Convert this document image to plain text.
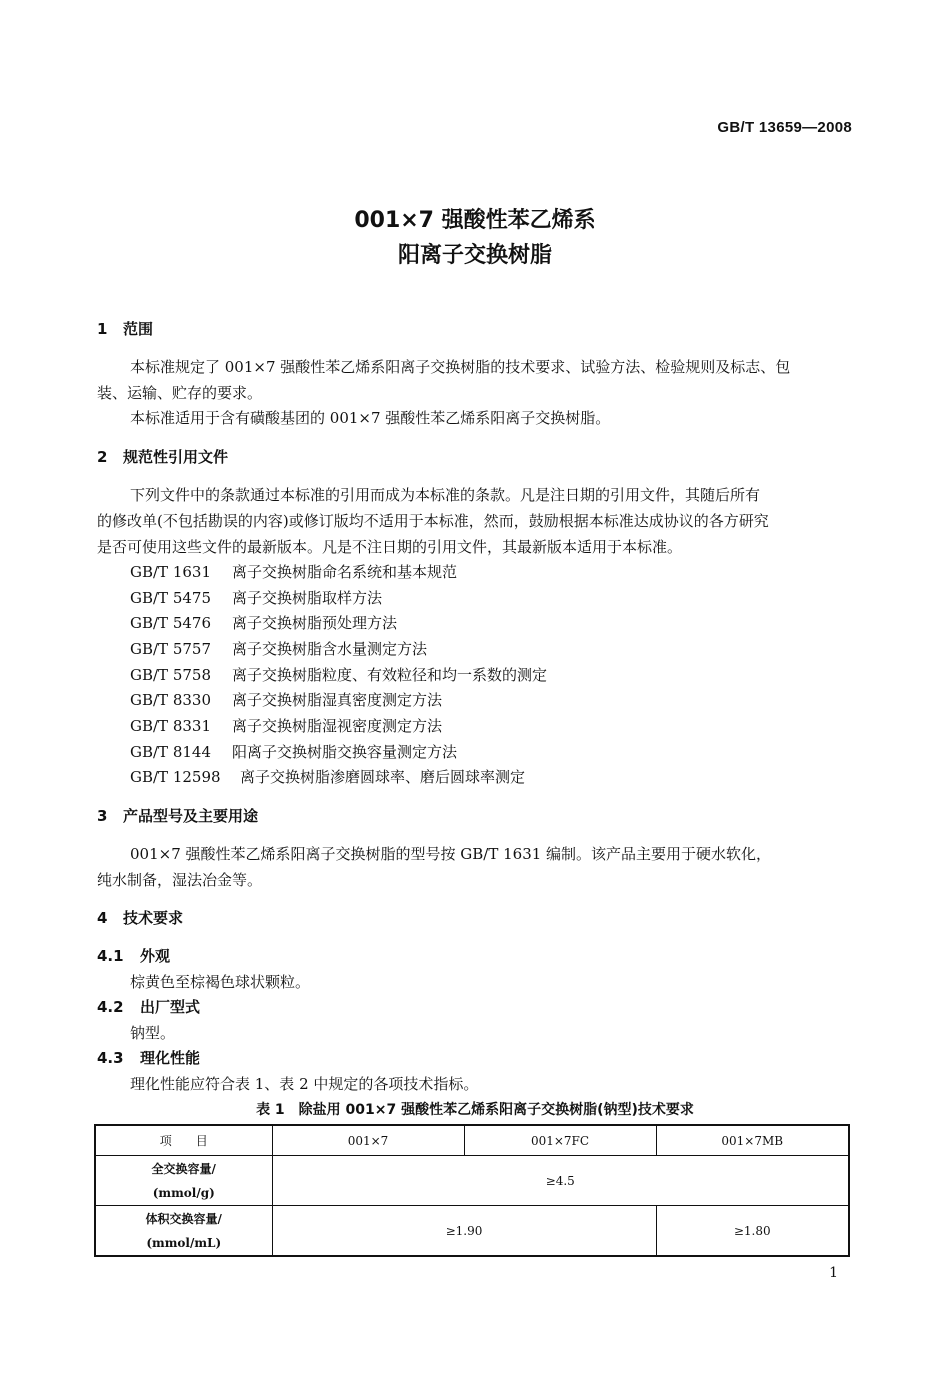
GB/T 13659—2008
001×7 强酸性苯乙烯系
阳离子交换树脂
1 范围
本标准规定了 001×7 强酸性苯乙烯系阳离子交换树脂的技术要求、试验方法、检验规则及标志、包
装、运输、贮存的要求。
本标准适用于含有磺酸基团的 001×7 强酸性苯乙烯系阳离子交换树脂。
2 规范性引用文件
下列文件中的条款通过本标准的引用而成为本标准的条款。凡是注日期的引用文件，其随后所有
的修改单(不包括勘误的内容)或修订版均不适用于本标准，然而，鼓励根据本标准达成协议的各方研究
是否可使用这些文件的最新版本。凡是不注日期的引用文件，其最新版本适用于本标准。
GB/T 1631 离子交换树脂命名系统和基本规范
GB/T 5475 离子交换树脂取样方法
GB/T 5476 离子交换树脂预处理方法
GB/T 5757 离子交换树脂含水量测定方法
GB/T 5758 离子交换树脂粒度、有效粒径和均一系数的测定
GB/T 8330 离子交换树脂湿真密度测定方法
GB/T 8331 离子交换树脂湿视密度测定方法
GB/T 8144 阳离子交换树脂交换容量测定方法
GB/T 12598 离子交换树脂渗磨圆球率、磨后圆球率测定
3 产品型号及主要用途
001×7 强酸性苯乙烯系阳离子交换树脂的型号按 GB/T 1631 编制。该产品主要用于硬水软化，
纯水制备，湿法冶金等。
4 技术要求
4.1 外观
棕黄色至棕褐色球状颗粒。
4.2 出厂型式
钠型。
4.3 理化性能
理化性能应符合表 1、表 2 中规定的各项技术指标。
表 1　除盐用 001×7 强酸性苯乙烯系阳离子交换树脂(钠型)技术要求
项　　目	001×7	001×7FC	001×7MB

全交换容量/
(mmol/g)	≥4.5		

体积交换容量/
(mmol/mL)	≥1.90		≥1.80
1
